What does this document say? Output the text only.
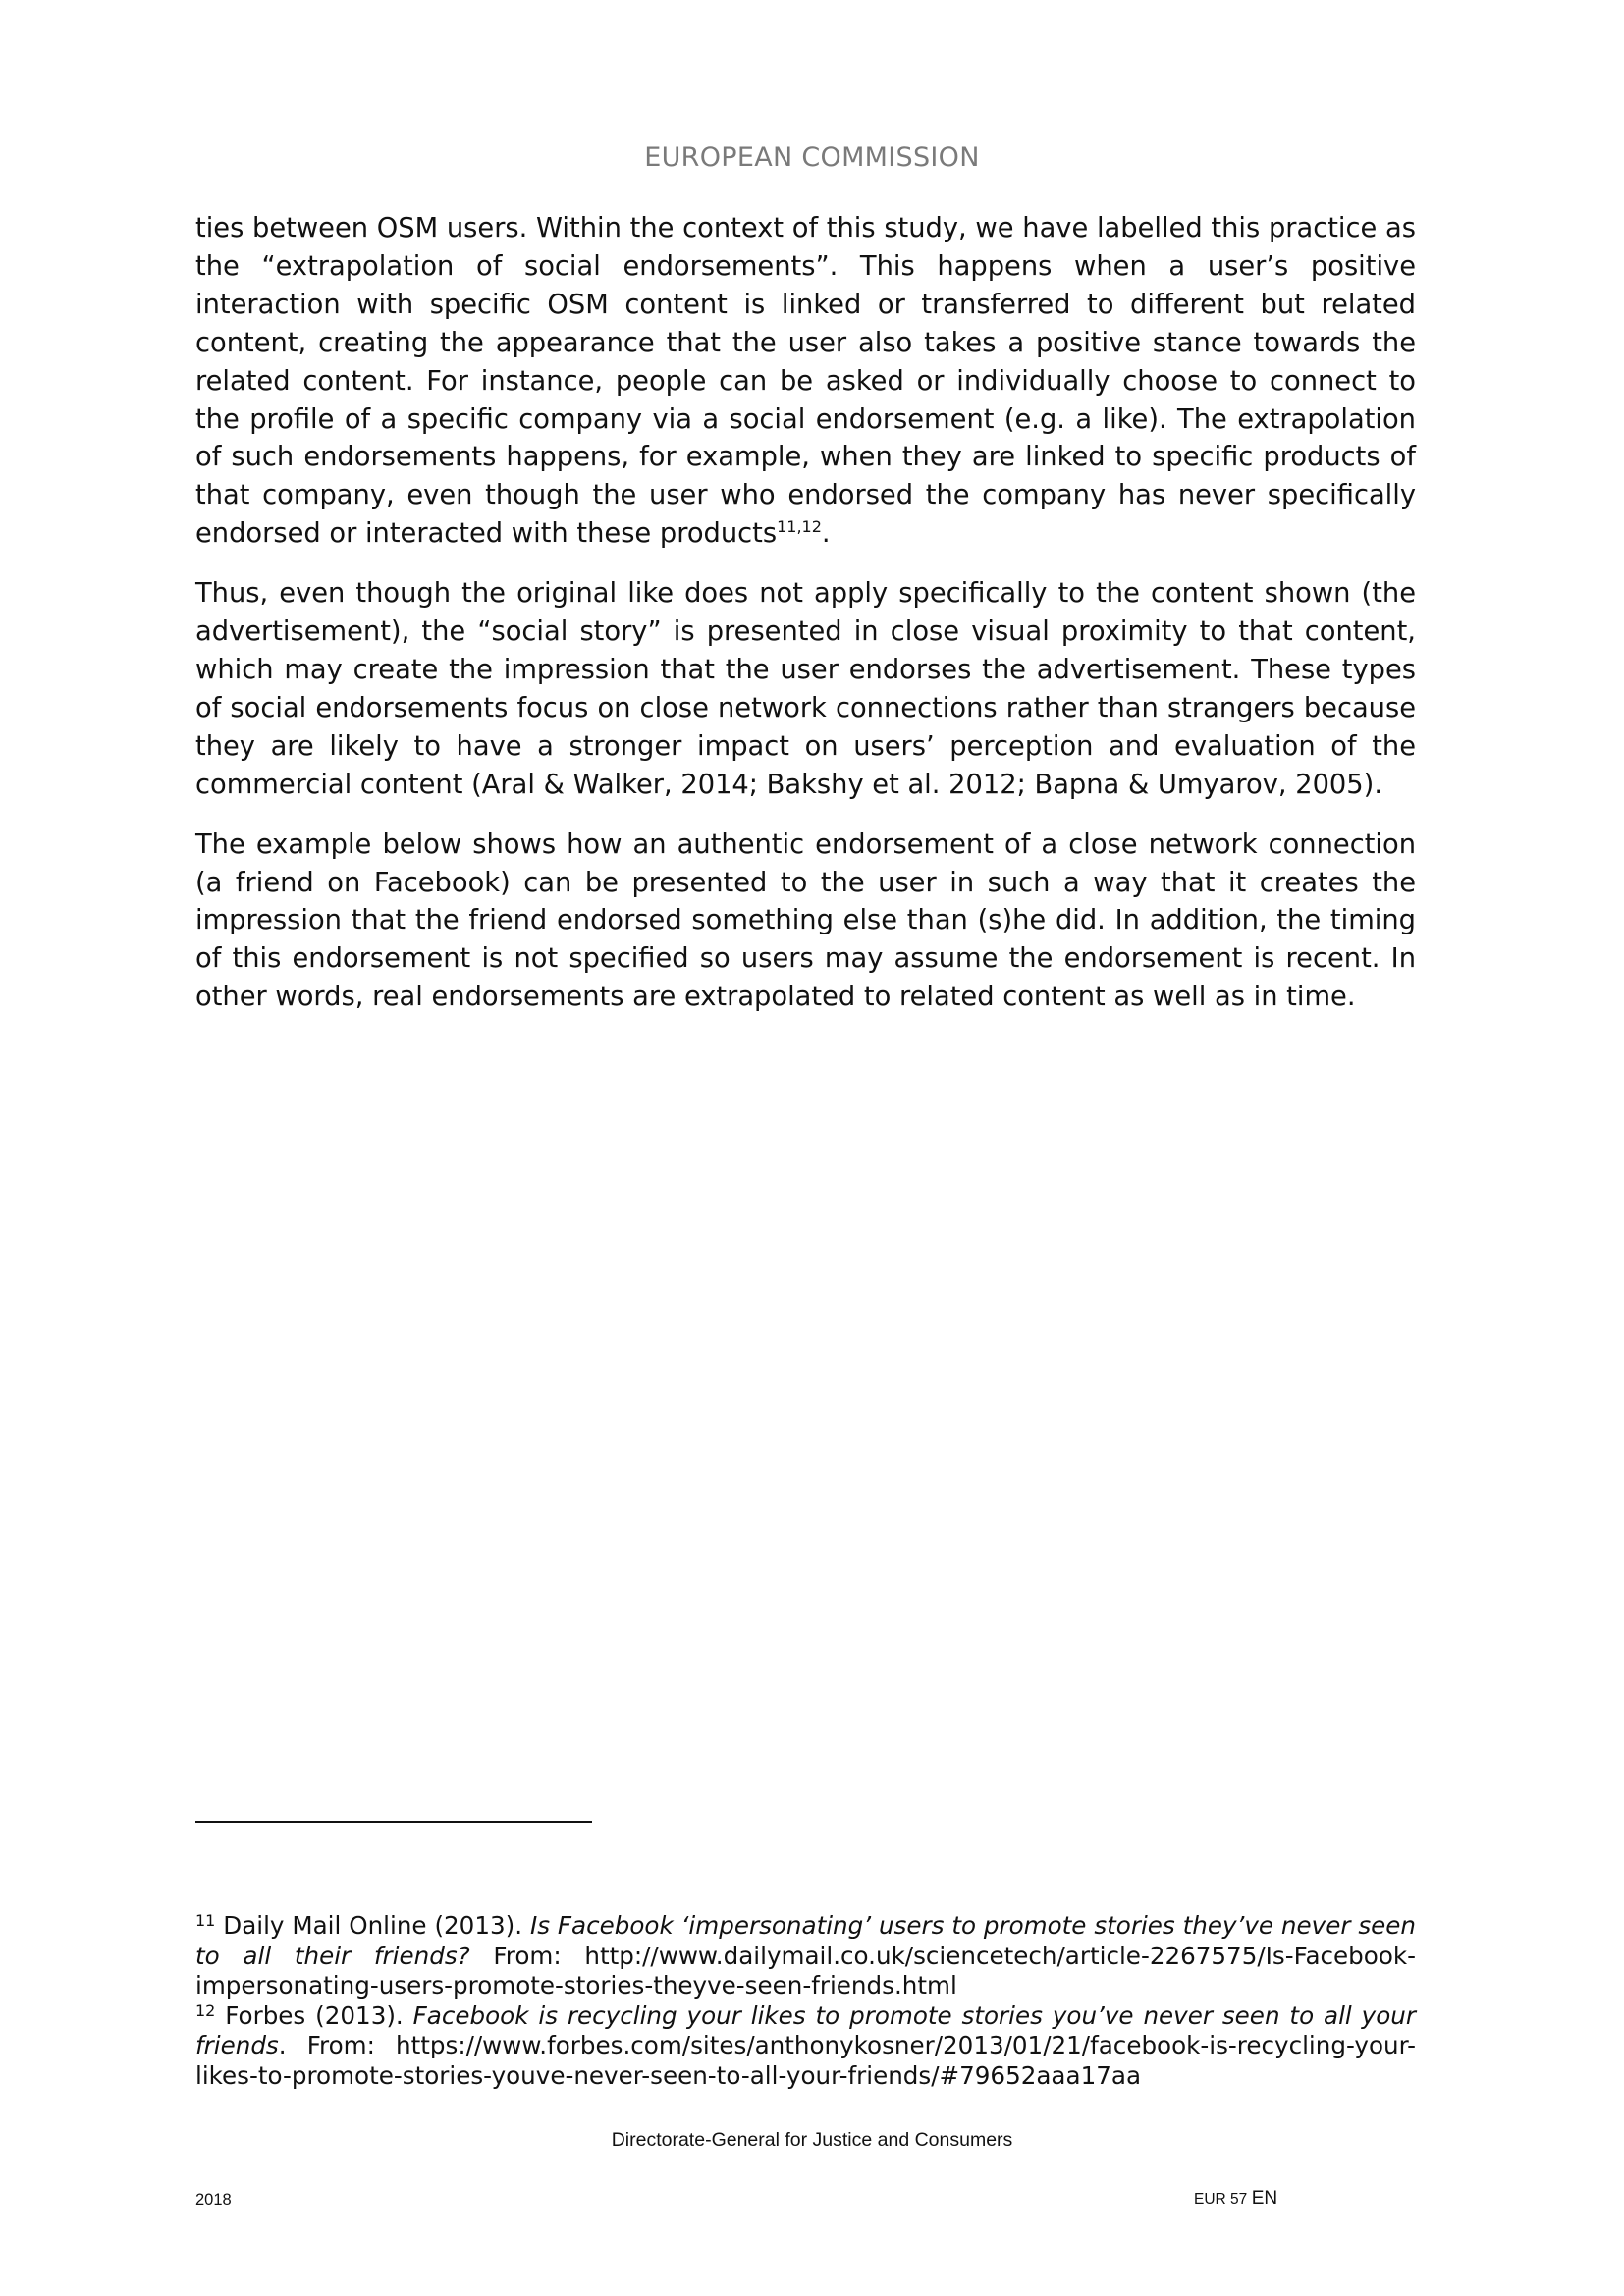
EUROPEAN COMMISSION

ties between OSM users. Within the context of this study, we have labelled this practice as the “extrapolation of social endorsements”. This happens when a user’s positive interaction with specific OSM content is linked or transferred to different but related content, creating the appearance that the user also takes a positive stance towards the related content. For instance, people can be asked or individually choose to connect to the profile of a specific company via a social endorsement (e.g. a like). The extrapolation of such endorsements happens, for example, when they are linked to specific products of that company, even though the user who endorsed the company has never specifically endorsed or interacted with these products$^{11,12}$.

Thus, even though the original like does not apply specifically to the content shown (the advertisement), the “social story” is presented in close visual proximity to that content, which may create the impression that the user endorses the advertisement. These types of social endorsements focus on close network connections rather than strangers because they are likely to have a stronger impact on users’ perception and evaluation of the commercial content (Aral & Walker, 2014; Bakshy et al. 2012; Bapna & Umyarov, 2005).

The example below shows how an authentic endorsement of a close network connection (a friend on Facebook) can be presented to the user in such a way that it creates the impression that the friend endorsed something else than (s)he did. In addition, the timing of this endorsement is not specified so users may assume the endorsement is recent. In other words, real endorsements are extrapolated to related content as well as in time.

$^{11}$ Daily Mail Online (2013). Is Facebook ‘impersonating’ users to promote stories they’ve never seen to all their friends? From: http://www.dailymail.co.uk/sciencetech/article-2267575/Is-Facebook-impersonating-users-promote-stories-theyve-seen-friends.html

$^{12}$ Forbes (2013). Facebook is recycling your likes to promote stories you’ve never seen to all your friends. From: https://www.forbes.com/sites/anthonykosner/2013/01/21/facebook-is-recycling-your-likes-to-promote-stories-youve-never-seen-to-all-your-friends/#79652aaa17aa

Directorate-General for Justice and Consumers
2018	EUR 57 EN
